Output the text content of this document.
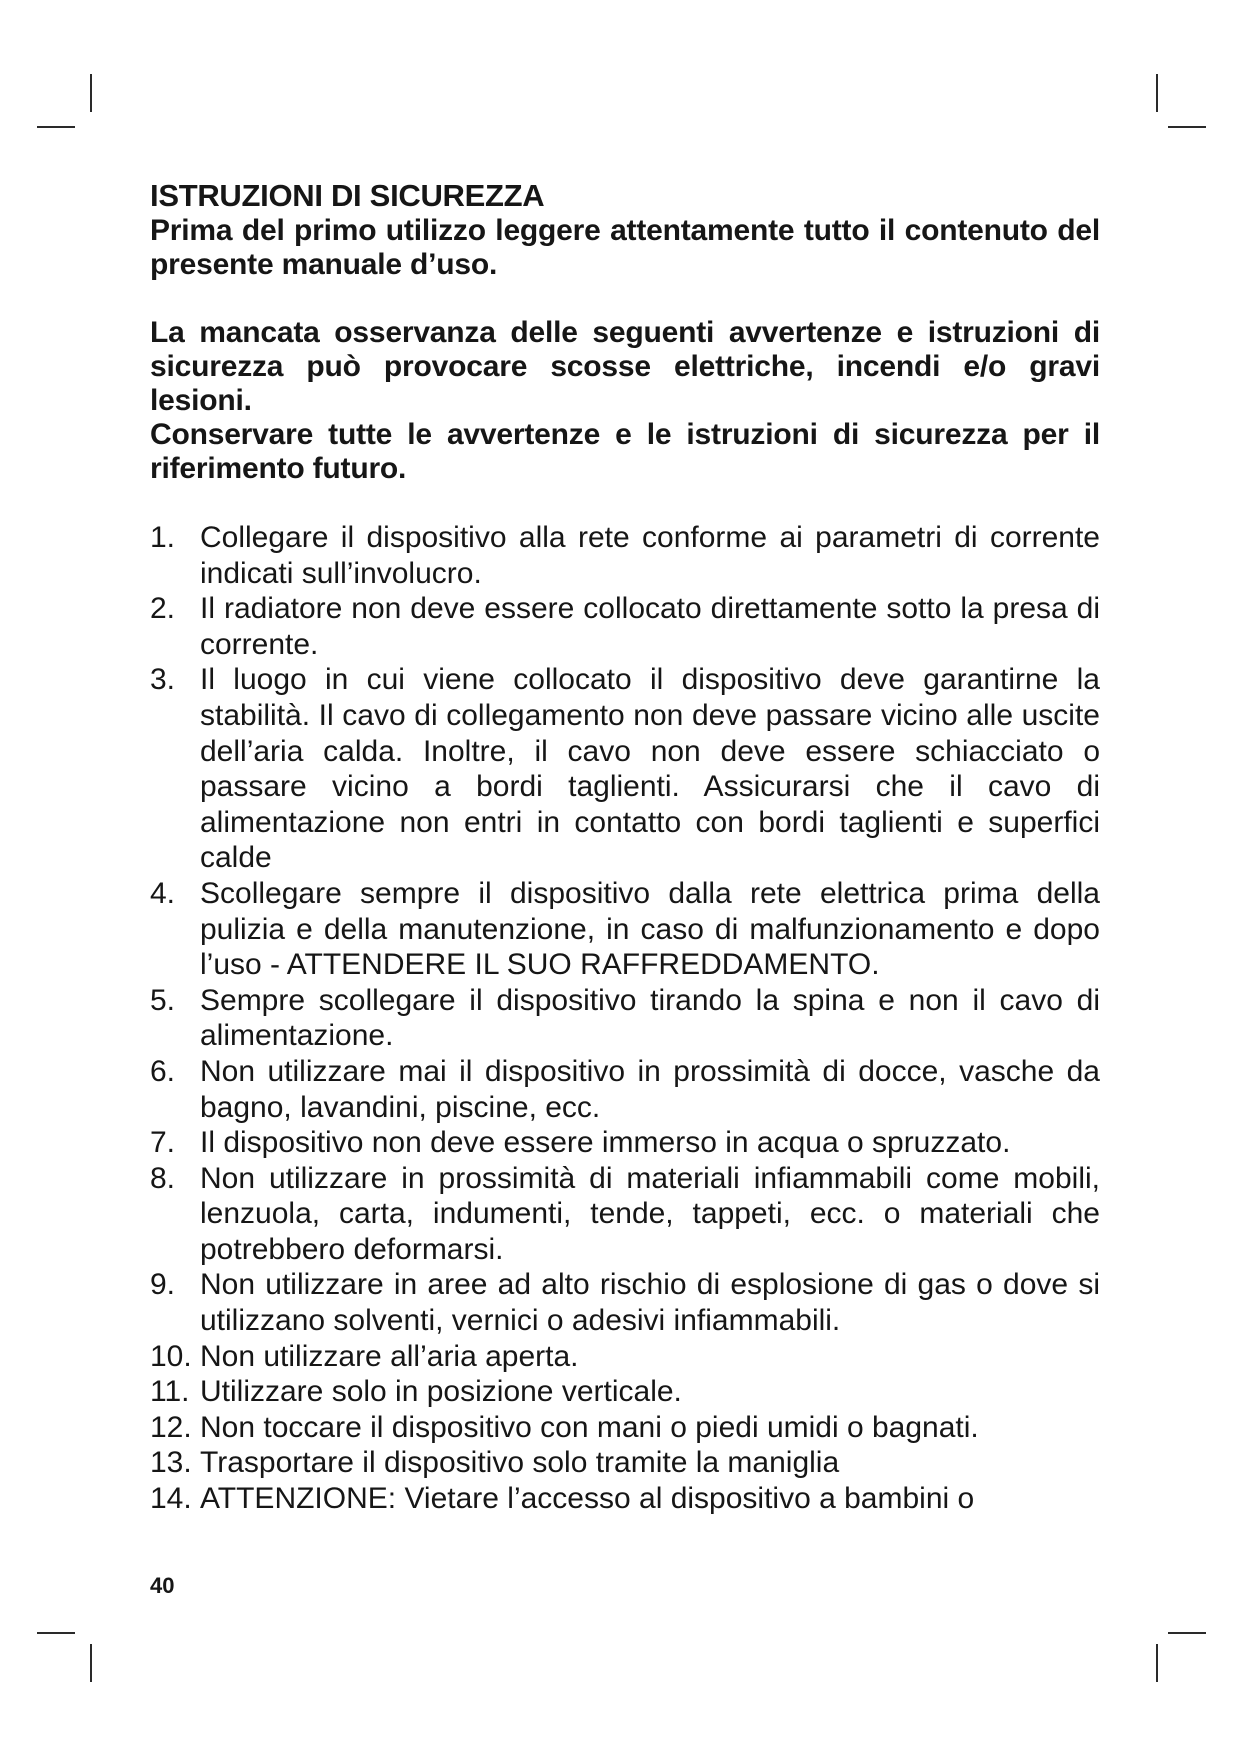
ISTRUZIONI DI SICUREZZA

Prima del primo utilizzo leggere attentamente tutto il contenuto del presente manuale d’uso.

La mancata osservanza delle seguenti avvertenze e istruzioni di sicurezza può provocare scosse elettriche, incendi e/o gravi lesioni.

Conservare tutte le avvertenze e le istruzioni di sicurezza per il riferimento futuro.

1. Collegare il dispositivo alla rete conforme ai parametri di corrente indicati sull’involucro.
2. Il radiatore non deve essere collocato direttamente sotto la presa di corrente.
3. Il luogo in cui viene collocato il dispositivo deve garantirne la stabilità. Il cavo di collegamento non deve passare vicino alle uscite dell’aria calda. Inoltre, il cavo non deve essere schiacciato o passare vicino a bordi taglienti. Assicurarsi che il cavo di alimentazione non entri in contatto con bordi taglienti e superfici calde
4. Scollegare sempre il dispositivo dalla rete elettrica prima della pulizia e della manutenzione, in caso di malfunzionamento e dopo l’uso - ATTENDERE IL SUO RAFFREDDAMENTO.
5. Sempre scollegare il dispositivo tirando la spina e non il cavo di alimentazione.
6. Non utilizzare mai il dispositivo in prossimità di docce, vasche da bagno, lavandini, piscine, ecc.
7. Il dispositivo non deve essere immerso in acqua o spruzzato.
8. Non utilizzare in prossimità di materiali infiammabili come mobili, lenzuola, carta, indumenti, tende, tappeti, ecc. o materiali che potrebbero deformarsi.
9. Non utilizzare in aree ad alto rischio di esplosione di gas o dove si utilizzano solventi, vernici o adesivi infiammabili.
10. Non utilizzare all’aria aperta.
11. Utilizzare solo in posizione verticale.
12. Non toccare il dispositivo con mani o piedi umidi o bagnati.
13. Trasportare il dispositivo solo tramite la maniglia
14. ATTENZIONE: Vietare l’accesso al dispositivo a bambini o
40
